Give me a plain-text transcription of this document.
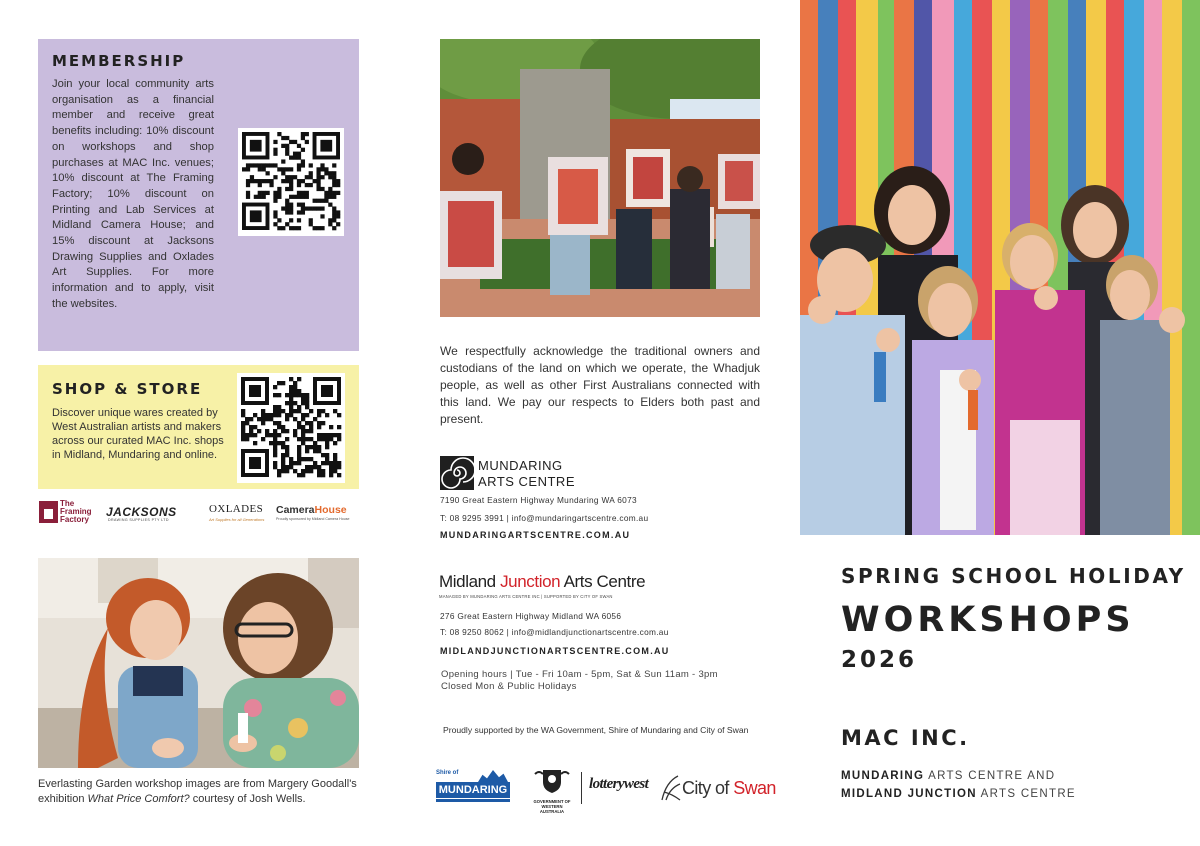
MEMBERSHIP

Join your local community arts organisation as a financial member and receive great benefits including: 10% discount on workshops and shop purchases at MAC Inc. venues; 10% discount at The Framing Factory; 10% discount on Printing and Lab Services at Midland Camera House; and 15% discount at Jacksons Drawing Supplies and Oxlades Art Supplies. For more information and to apply, visit the websites.

SHOP & STORE

Discover unique wares created by West Australian artists and makers across our curated MAC Inc. shops in Midland, Mundaring and online.

The
Framing
Factory
JACKSONS
DRAWING SUPPLIES PTY LTD
OXLADES
Art Supplies for all Generations
CameraHouse
Proudly sponsored by Midland Camera House
Everlasting Garden workshop images are from Margery Goodall's
exhibition What Price Comfort? courtesy of Josh Wells.

We respectfully acknowledge the traditional owners and custodians of the land on which we operate, the Whadjuk people, as well as other First Australians connected with this land. We pay our respects to Elders both past and present.

MUNDARING
ARTS CENTRE
7190 Great Eastern Highway Mundaring WA 6073
T: 08 9295 3991 | info@mundaringartscentre.com.au
MUNDARINGARTSCENTRE.COM.AU
Midland Junction Arts Centre
MANAGED BY MUNDARING ARTS CENTRE INC | SUPPORTED BY CITY OF SWAN
276 Great Eastern Highway Midland WA 6056
T: 08 9250 8062 | info@midlandjunctionartscentre.com.au
MIDLANDJUNCTIONARTSCENTRE.COM.AU
Opening hours | Tue - Fri 10am - 5pm, Sat & Sun 11am - 3pm
Closed Mon & Public Holidays
Proudly supported by the WA Government, Shire of Mundaring and City of Swan
Shire of
MUNDARING
GOVERNMENT OF
WESTERN AUSTRALIA
lotterywest	City of Swan
SPRING SCHOOL HOLIDAY
WORKSHOPS
2026
MAC INC.
MUNDARING ARTS CENTRE AND
MIDLAND JUNCTION ARTS CENTRE
